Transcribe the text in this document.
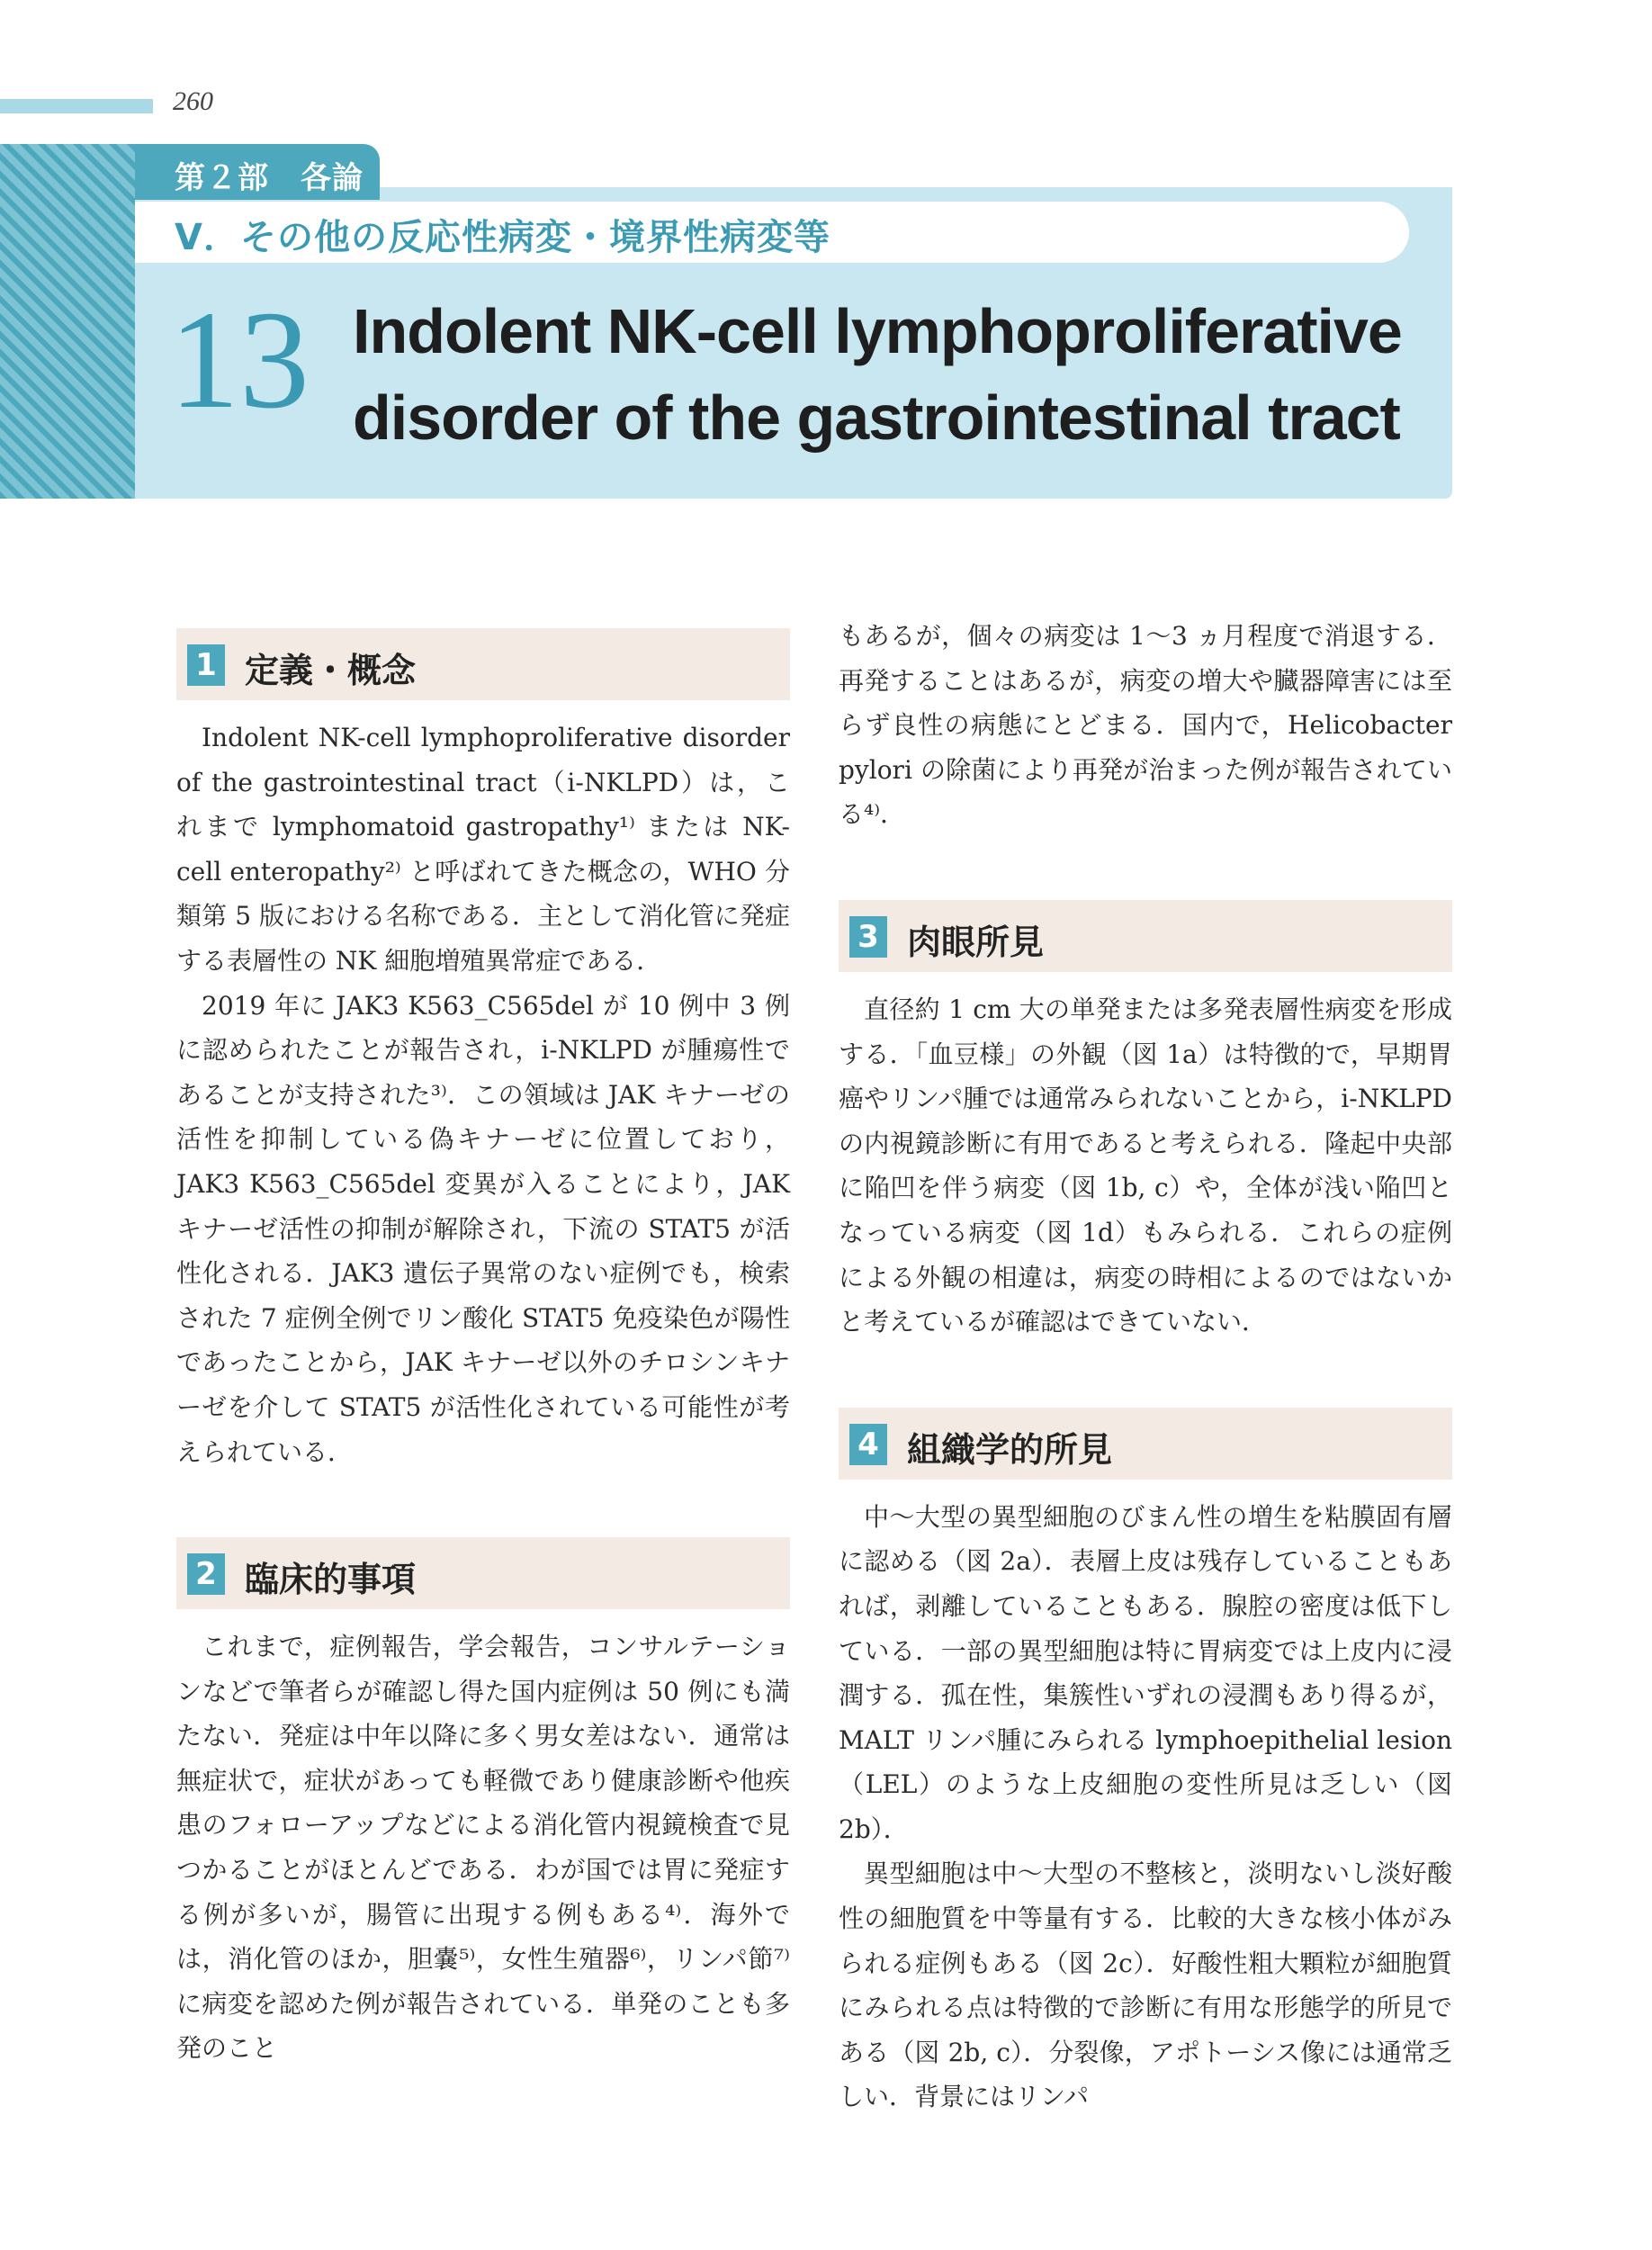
260
第２部　各論
V．その他の反応性病変・境界性病変等
13 Indolent NK-cell lymphoproliferative disorder of the gastrointestinal tract
1 定義・概念

Indolent NK-cell lymphoproliferative disorder of the gastrointestinal tract（i-NKLPD）は，これまで lymphomatoid gastropathy¹⁾ または NK-cell enteropathy²⁾ と呼ばれてきた概念の，WHO 分類第 5 版における名称である．主として消化管に発症する表層性の NK 細胞増殖異常症である．

2019 年に JAK3 K563_C565del が 10 例中 3 例に認められたことが報告され，i-NKLPD が腫瘍性であることが支持された³⁾．この領域は JAK キナーゼの活性を抑制している偽キナーゼに位置しており，JAK3 K563_C565del 変異が入ることにより，JAK キナーゼ活性の抑制が解除され，下流の STAT5 が活性化される．JAK3 遺伝子異常のない症例でも，検索された 7 症例全例でリン酸化 STAT5 免疫染色が陽性であったことから，JAK キナーゼ以外のチロシンキナーゼを介して STAT5 が活性化されている可能性が考えられている．

2 臨床的事項

これまで，症例報告，学会報告，コンサルテーションなどで筆者らが確認し得た国内症例は 50 例にも満たない．発症は中年以降に多く男女差はない．通常は無症状で，症状があっても軽微であり健康診断や他疾患のフォローアップなどによる消化管内視鏡検査で見つかることがほとんどである．わが国では胃に発症する例が多いが，腸管に出現する例もある⁴⁾．海外では，消化管のほか，胆嚢⁵⁾，女性生殖器⁶⁾，リンパ節⁷⁾ に病変を認めた例が報告されている．単発のことも多発のこと

もあるが，個々の病変は 1～3 ヵ月程度で消退する．再発することはあるが，病変の増大や臓器障害には至らず良性の病態にとどまる．国内で，Helicobacter pylori の除菌により再発が治まった例が報告されている⁴⁾．

3 肉眼所見

直径約 1 cm 大の単発または多発表層性病変を形成する．「血豆様」の外観（図 1a）は特徴的で，早期胃癌やリンパ腫では通常みられないことから，i-NKLPD の内視鏡診断に有用であると考えられる．隆起中央部に陥凹を伴う病変（図 1b, c）や，全体が浅い陥凹となっている病変（図 1d）もみられる．これらの症例による外観の相違は，病変の時相によるのではないかと考えているが確認はできていない．

4 組織学的所見

中～大型の異型細胞のびまん性の増生を粘膜固有層に認める（図 2a）．表層上皮は残存していることもあれば，剥離していることもある．腺腔の密度は低下している．一部の異型細胞は特に胃病変では上皮内に浸潤する．孤在性，集簇性いずれの浸潤もあり得るが，MALT リンパ腫にみられる lymphoepithelial lesion（LEL）のような上皮細胞の変性所見は乏しい（図 2b）．

異型細胞は中～大型の不整核と，淡明ないし淡好酸性の細胞質を中等量有する．比較的大きな核小体がみられる症例もある（図 2c）．好酸性粗大顆粒が細胞質にみられる点は特徴的で診断に有用な形態学的所見である（図 2b, c）．分裂像，アポトーシス像には通常乏しい．背景にはリンパ
